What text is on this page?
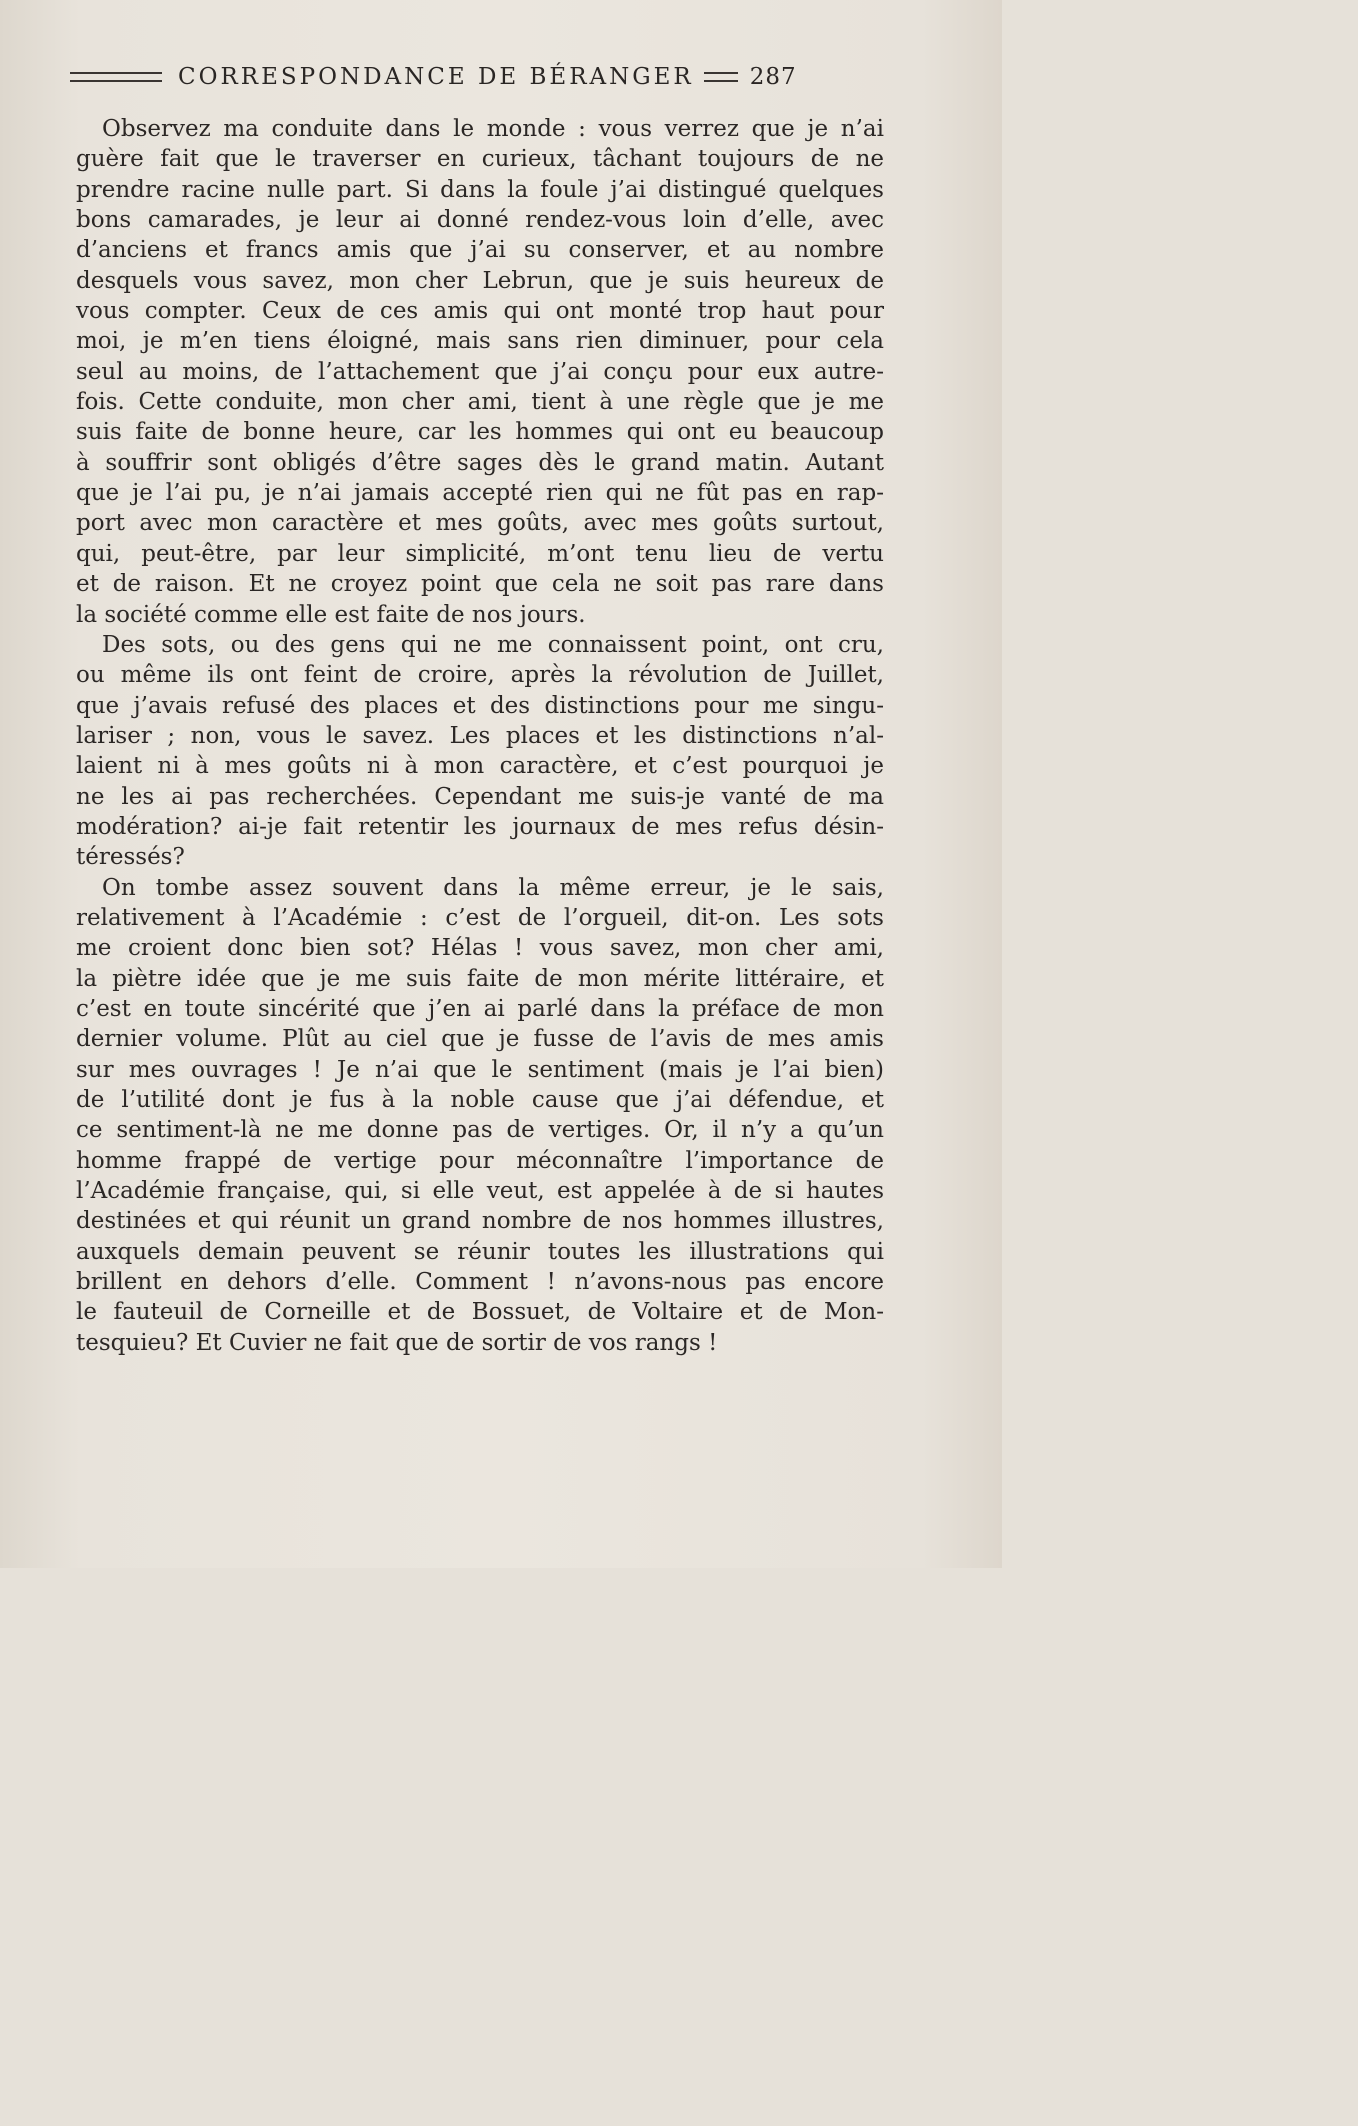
CORRESPONDANCE DE BÉRANGER 287
Observez ma conduite dans le monde : vous verrez que je n’ai
guère fait que le traverser en curieux, tâchant toujours de ne
prendre racine nulle part. Si dans la foule j’ai distingué quelques
bons camarades, je leur ai donné rendez-vous loin d’elle, avec
d’anciens et francs amis que j’ai su conserver, et au nombre
desquels vous savez, mon cher Lebrun, que je suis heureux de
vous compter. Ceux de ces amis qui ont monté trop haut pour
moi, je m’en tiens éloigné, mais sans rien diminuer, pour cela
seul au moins, de l’attachement que j’ai conçu pour eux autre-
fois. Cette conduite, mon cher ami, tient à une règle que je me
suis faite de bonne heure, car les hommes qui ont eu beaucoup
à souffrir sont obligés d’être sages dès le grand matin. Autant
que je l’ai pu, je n’ai jamais accepté rien qui ne fût pas en rap-
port avec mon caractère et mes goûts, avec mes goûts surtout,
qui, peut-être, par leur simplicité, m’ont tenu lieu de vertu
et de raison. Et ne croyez point que cela ne soit pas rare dans
la société comme elle est faite de nos jours.
Des sots, ou des gens qui ne me connaissent point, ont cru,
ou même ils ont feint de croire, après la révolution de Juillet,
que j’avais refusé des places et des distinctions pour me singu-
lariser ; non, vous le savez. Les places et les distinctions n’al-
laient ni à mes goûts ni à mon caractère, et c’est pourquoi je
ne les ai pas recherchées. Cependant me suis-je vanté de ma
modération? ai-je fait retentir les journaux de mes refus désin-
téressés?
On tombe assez souvent dans la même erreur, je le sais,
relativement à l’Académie : c’est de l’orgueil, dit-on. Les sots
me croient donc bien sot? Hélas ! vous savez, mon cher ami,
la piètre idée que je me suis faite de mon mérite littéraire, et
c’est en toute sincérité que j’en ai parlé dans la préface de mon
dernier volume. Plût au ciel que je fusse de l’avis de mes amis
sur mes ouvrages ! Je n’ai que le sentiment (mais je l’ai bien)
de l’utilité dont je fus à la noble cause que j’ai défendue, et
ce sentiment-là ne me donne pas de vertiges. Or, il n’y a qu’un
homme frappé de vertige pour méconnaître l’importance de
l’Académie française, qui, si elle veut, est appelée à de si hautes
destinées et qui réunit un grand nombre de nos hommes illustres,
auxquels demain peuvent se réunir toutes les illustrations qui
brillent en dehors d’elle. Comment ! n’avons-nous pas encore
le fauteuil de Corneille et de Bossuet, de Voltaire et de Mon-
tesquieu? Et Cuvier ne fait que de sortir de vos rangs !
